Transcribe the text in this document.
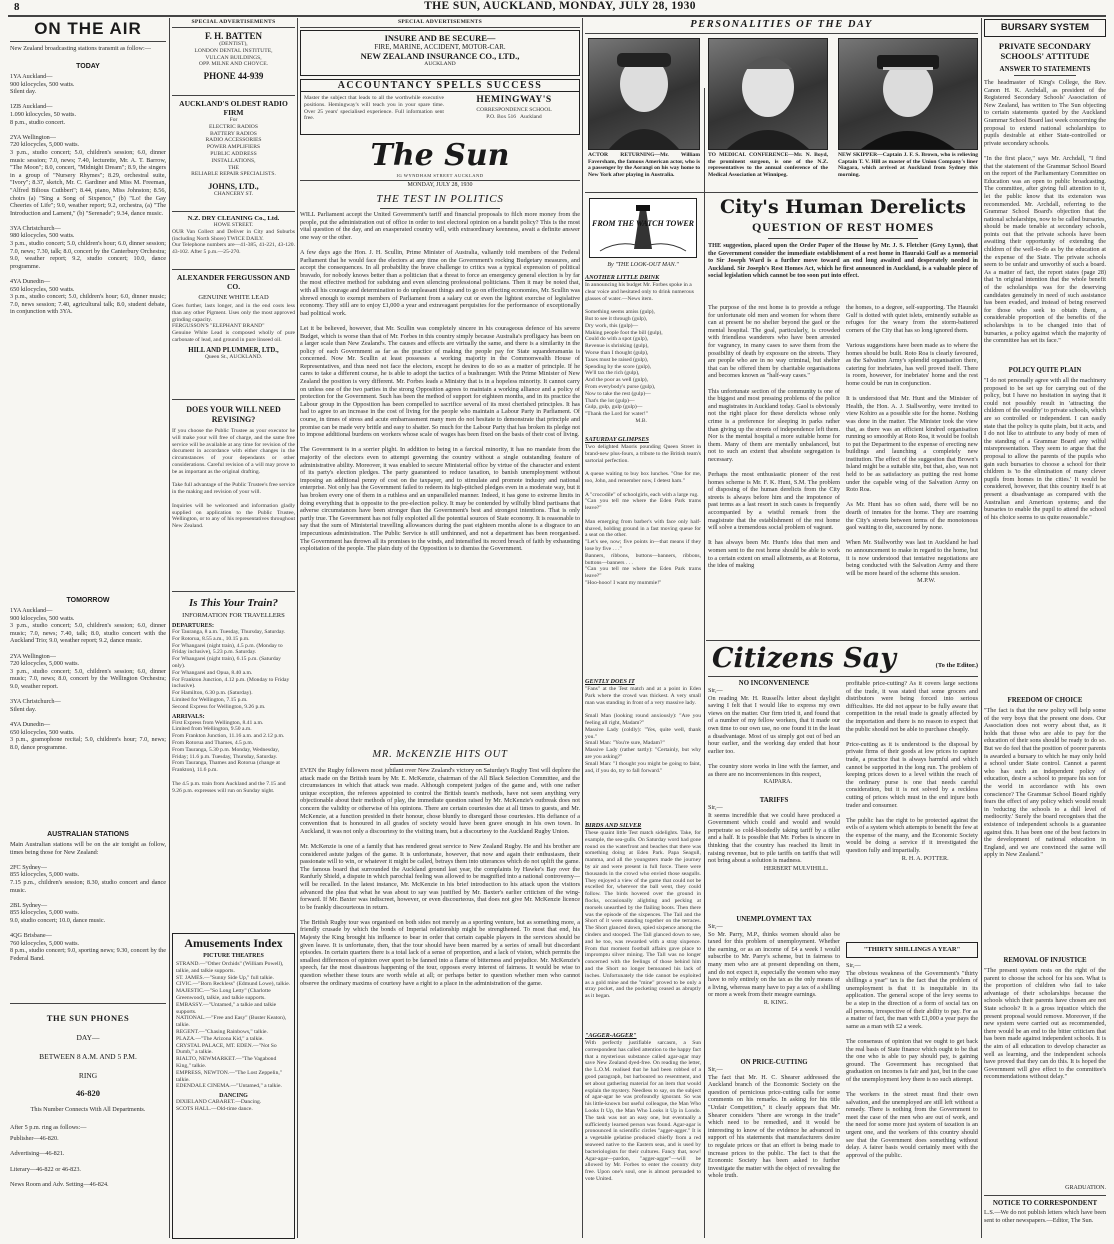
8	THE SUN, AUCKLAND, MONDAY, JULY 28, 1930
ON THE AIR
New Zealand broadcasting stations transmit as follow:—
TODAY
1YA Auckland—
900 kilocycles, 500 watts.
Silent day.

1ZB Auckland—
1.090 kilocycles, 50 watts.
8 p.m., studio concert.

2YA Wellington—
720 kilocycles, 5,000 watts.
3 p.m., studio concert; 5.0, children's session; 6.0, dinner music session; 7.0, news; 7.40, lecturette, Mr. A. T. Barrow, "The Moon"; 8.0, concert, "Midnight Dream"; 8.9, the singers in a group of "Nursery Rhymes"; 8.29, orchestral suite, "Ivory"; 8.37, sketch, Mr. C. Gardiner and Miss M. Freeman, "Alfred Bilious Cuthbert"; 8.44, piano, Miss Johnston; 8.56, choirs (a) "Sing a Song of Sixpence," (b) "Lo! the Gay Cheeries of Life"; 9.0, weather report; 9.2, orchestra, (a) "The Introduction and Lament," (b) "Serenade"; 9.34, dance music.

3YA Christchurch—
980 kilocycles, 500 watts.
3 p.m., studio concert; 5.0, children's hour; 6.0, dinner session; 7.0, news; 7.30, talk; 8.0, concert by the Canterbury Orchestra; 9.0, weather report; 9.2, studio concert; 10.0, dance programme.

4YA Dunedin—
650 kilocycles, 500 watts.
3 p.m., studio concert; 5.0, children's hour; 6.0, dinner music; 7.0, news session; 7.40, agricultural talk; 8.0, student debate, in conjunction with 3YA.
TOMORROW
1YA Auckland—
900 kilocycles, 500 watts.
3 p.m., studio concert; 5.0, children's session; 6.0, dinner music; 7.0, news; 7.40, talk; 8.0, studio concert with the Auckland Trio; 9.0, weather report; 9.2, dance music.

2YA Wellington—
720 kilocycles, 5,000 watts.
3 p.m., studio concert; 5.0, children's session; 6.0, dinner music; 7.0, news; 8.0, concert by the Wellington Orchestra; 9.0, weather report.

3YA Christchurch—
Silent day.

4YA Dunedin—
650 kilocycles, 500 watts.
3 p.m., gramophone recital; 5.0, children's hour; 7.0, news; 8.0, dance programme.
AUSTRALIAN STATIONS
Main Australian stations will be on the air tonight as follow, times being those for New Zealand:

2FC Sydney—
855 kilocycles, 5,000 watts.
7.15 p.m., children's session; 8.30, studio concert and dance music.

2BL Sydney—
855 kilocycles, 5,000 watts.
9.0, studio concert; 10.0, dance music.

4QG Brisbane—
760 kilocycles, 5,000 watts.
8 p.m., studio concert; 9.0, sporting news; 9.30, concert by the Federal Band.
THE SUN PHONES
DAY—
BETWEEN 8 A.M. AND 5 P.M.
RING
46-820
This Number Connects With All Departments.
After 5 p.m. ring as follows:—
Publisher—46-820.

Advertising—46-821.

Literary—46-822 or 46-823.

News Room and Adv. Setting—46-824.
SPECIAL ADVERTISEMENTS
F. H. BATTEN
(DENTIST),
LONDON DENTAL INSTITUTE,
VULCAN BUILDINGS,
OPP. MILNE AND CHOYCE.
PHONE 44-939
AUCKLAND'S OLDEST RADIO FIRM
For
ELECTRIC RADIOS
BATTERY RADIOS
RADIO ACCESSORIES
POWER AMPLIFIERS
PUBLIC ADDRESS
INSTALLATIONS,
THE
RELIABLE REPAIR SPECIALISTS.
JOHNS, LTD.,
CHANCERY ST.
N.Z. DRY CLEANING Co., Ltd.
HOWE STREET.
OUR Van Collect and Deliver in City and Suburbs (including North Shore) TWICE DAILY.
Our Telephone numbers are—41-385, 41-221, 43-120. 43-102. After 5 p.m.—25-270.
ALEXANDER FERGUSSON AND CO.
GENUINE WHITE LEAD
Goes further, lasts longer, and in the end costs less than any other Pigment. Uses only the most approved grinding capacity.
FERGUSSON'S "ELEPHANT BRAND"
Genuine White Lead is composed wholly of pure carbonate of lead, and ground in pure linseed oil.
HILL AND PLUMMER, LTD.,
Queen St., AUCKLAND.
DOES YOUR WILL NEED REVISING?
If you choose the Public Trustee as your executor he will make your will free of charge, and the same free service will be available at any time for revision of the document in accordance with either changes in the circumstances of your dependants or other considerations. Careful revision of a will may prove to be as important as the original drafting.

Take full advantage of the Public Trustee's free service in the making and revision of your will.

Inquiries will be welcomed and information gladly supplied on application to the Public Trustee, Wellington, or to any of his representatives throughout New Zealand.
Is This Your Train?
INFORMATION FOR TRAVELLERS
DEPARTURES:
For Tauranga, 8 a.m. Tuesday, Thursday, Saturday.
For Rotorua, 8.55 a.m., 10.15 p.m.
For Whangarei (night train), 4.5 p.m. (Monday to Friday inclusive), 5.23 p.m. Saturday.
For Whangarei (night train), 6.15 p.m. (Saturday only).
For Whangarei and Opua, 8.40 a.m.
For Frankton Junction, 4.12 p.m. (Monday to Friday inclusive).
For Hamilton, 6.30 p.m. (Saturday).
Limited for Wellington, 7.15 p.m.
Second Express for Wellington, 9.26 p.m.
ARRIVALS:
First Express from Wellington, 8.41 a.m.
Limited from Wellington, 9.50 a.m.
From Frankton Junction, 11.16 a.m. and 2.12 p.m.
From Rotorua and Thames, 4.5 p.m.
From Tauranga, 5.30 p.m. Monday, Wednesday, Friday; 11.6 p.m. Tuesday, Thursday, Saturday.
From Tauranga, Thames and Rotorua (change at Frankton), 11.6 p.m.

The 4.5 p.m. train from Auckland and the 7.15 and 9.26 p.m. expresses will run on Sunday night.
Amusements Index
PICTURE THEATRES
STRAND.—"Other Orchids" (William Powell), talkie, and talkie supports.
ST. JAMES.—"Sunny Side Up," full talkie.
CIVIC.—"Born Reckless" (Edmund Lowe), talkie.
MAJESTIC.—"So Long Letty" (Charlotte Greenwood), talkie, and talkie supports.
EMBASSY.—"Untamed," a talkie and talkie supports.
NATIONAL.—"Free and Easy" (Buster Keaton), talkie.
REGENT.—"Chasing Rainbows," talkie.
PLAZA.—"The Arizona Kid," a talkie.
CRYSTAL PALACE, MT. EDEN.—"Not So Dumb," a talkie.
RIALTO, NEWMARKET.—"The Vagabond King," talkie.
EMPRESS, NEWTON.—"The Lost Zeppelin," talkie.
EDENDALE CINEMA.—"Untamed," a talkie.
DANCING
DIXIELAND CABARET.—Dancing.
SCOTS HALL.—Old-time dance.
SPECIAL ADVERTISEMENTS
INSURE AND BE SECURE—
FIRE, MARINE, ACCIDENT, MOTOR-CAR.
NEW ZEALAND INSURANCE CO., LTD.,
AUCKLAND
ACCOUNTANCY SPELLS SUCCESS
Master the subject that leads to all the worthwhile executive positions. Hemingway's will teach you in your spare time. Over 25 years' specialised experience. Full information sent free.
HEMINGWAY'S
CORRESPONDENCE SCHOOL
P.O. Box 516   Auckland
The Sun
IG WYNDHAM STREET AUCKLAND
MONDAY, JULY 28, 1930
THE TEST IN POLITICS
WILL Parliament accept the United Government's tariff and financial proposals to filch more money from the people, put the administration out of office in order to test electoral opinion on a bandit policy? This is the most vital question of the day, and an exasperated country will, with extraordinary keenness, await a definite answer one way or the other.

A few days ago the Hon. J. H. Scullin, Prime Minister of Australia, valiantly told members of the Federal Parliament that he would face the electors at any time on the Government's rocking Budgetary measures, and accept the consequences. In all probability the brave challenge to critics was a typical expression of political bravado, for nobody knows better than a politician that a threat to force an emergency general election is by far the most effective method for subduing and even silencing professional politicians. Then it may be noted that, with all his courage and determination to do unpleasant things and to go on effecting economies, Mr. Scullin was shrewd enough to exempt members of Parliament from a salary cut or even the lightest exercise of legislative economy. They still are to enjoy £1,000 a year and extravagant perquisites for the performance of exceptionally bad political work.

Let it be believed, however, that Mr. Scullin was completely sincere in his courageous defence of his severe Budget, which is worse than that of Mr. Forbes in this country simply because Australia's profligacy has been on a larger scale than New Zealand's. The causes and effects are virtually the same, and there is a similarity in the policy of each Government as far as the practice of making the people pay for State squanderamania is concerned. Now Mr. Scullin at least possesses a working majority in the Commonwealth House of Representatives, and thus need not face the electors, except he desires to do so as a matter of principle. If he cares to take a different course, he is able to adopt the tactics of a bushranger. With the Prime Minister of New Zealand the position is very different. Mr. Forbes leads a Ministry that is in a hopeless minority. It cannot carry on unless one of the two parties in the strong Opposition agrees to maintain a working alliance and a policy of protection for the Government. Such has been the method of support for eighteen months, and in its practice the Labour group in the Opposition has been compelled to sacrifice several of its most cherished principles. It has had to agree to an increase in the cost of living for the people who maintain a Labour Party in Parliament. Of course, in times of stress and acute embarrassment many men do not hesitate to demonstrate that principle and promise can be made very brittle and easy to shatter. So much for the Labour Party that has broken its pledge not to impose additional burdens on workers whose scale of wages has been fixed on the basis of their cost of living.

The Government is in a sorrier plight. In addition to being in a farcical minority, it has no mandate from the majority of the electors even to attempt governing the country without a single outstanding feature of administrative ability. Moreover, it was enabled to secure Ministerial office by virtue of the character and extent of its party's election pledges. The party guaranteed to reduce taxation, to banish unemployment without imposing an additional penny of cost on the taxpayer, and to stimulate and promote industry and national enterprise. Not only has the Government failed to redeem its high-pitched pledges even in a moderate way, but it has broken every one of them in a ruthless and an unparalleled manner. Indeed, it has gone to extreme limits in doing everything that is opposite to the pre-election policy. It may be contended by wilfully blind partisans that adverse circumstances have been stronger than the Government's best and strongest intentions. That is only partly true. The Government has not fully exploited all the potential sources of State economy. It is reasonable to say that the sum of Ministerial travelling allowances during the past eighteen months alone is a disgrace to an impecunious administration. The Public Service is still unthinned, and not a department has been reorganised. The Government has thrown all its promises to the winds, and intensified its record breach of faith by exhausting exploitation of the people. The plain duty of the Opposition is to dismiss the Government.
MR. McKENZIE HITS OUT
EVEN the Rugby followers most jubilant over New Zealand's victory on Saturday's Rugby Test will deplore the attack made on the British team by Mr. E. McKenzie, chairman of the All Black Selection Committee, and the circumstances in which that attack was made. Although competent judges of the game and, with one rather unique exception, the referees appointed to control the British team's methods, have not seen anything very objectionable about their methods of play, the immediate question raised by Mr. McKenzie's outbreak does not concern the validity or otherwise of his opinions. There are certain courtesies due at all times to guests, and Mr. McKenzie, at a function presided in their honour, chose bluntly to disregard those courtesies. His defiance of a convention that is honoured in all grades of society would have been grave enough in his own town. In Auckland, it was not only a discourtesy to the visiting team, but a discourtesy to the Auckland Rugby Union.

Mr. McKenzie is one of a family that has rendered great service to New Zealand Rugby. He and his brother are considered astute judges of the game. It is unfortunate, however, that now and again their enthusiasm, their passionate will to win, or whatever it might be called, betrays them into utterances which do not uplift the game. The famous board that surrounded the Auckland ground last year, the complaints by Hawke's Bay over the Ranfurly Shield, a dispute in which parochial feeling was allowed to be magnified into a national controversy—will be recalled. In the latest instance, Mr. McKenzie in his brief introduction to his attack upon the visitors advanced the plea that what he was about to say was justified by Mr. Baxter's earlier criticism of the wing-forward. If Mr. Baxter was indiscreet, however, or even discourteous, that does not give Mr. McKenzie licence to be frankly discourteous in return.

The British Rugby tour was organised on both sides not merely as a sporting venture, but as something more, a friendly crusade by which the bonds of Imperial relationship might be strengthened. To most that end, his Majesty the King brought his influence to bear in order that certain capable players in the services should be given leave. It is unfortunate, then, that the tour should have been marred by a series of small but discordant episodes. In certain quarters there is a total lack of a sense of proportion, and a lack of vision, which permits the smallest differences of opinion over sport to be fanned into a flame of bitterness and prejudice. Mr. McKenzie's speech, far the most disastrous happening of the tour, opposes every interest of fairness. It would be wise to question whether these tours are worth while at all; or perhaps better to question whether men who cannot observe the ordinary maxims of courtesy have a right to a place in the administration of the game.
PERSONALITIES OF THE DAY
ACTOR RETURNING—Mr. William Faversham, the famous American actor, who is a passenger by the Aorangi on his way home to New York after playing in Australia.
TO MEDICAL CONFERENCE—Mr. N. Boyd, the prominent surgeon, is one of the N.Z. representatives to the annual conference of the Medical Association at Winnipeg.
NEW SKIPPER—Captain J. F. S. Brown, who is relieving Captain T. V. Hill as master of the Union Company's liner Niagara, which arrived at Auckland from Sydney this morning.
FROM THE WATCH TOWER
By "THE LOOK-OUT MAN."
ANOTHER LITTLE DRINK
In announcing his budget Mr. Forbes spoke in a clear voice and hesitated only to drink numerous glasses of water.—News item.

Something seems amiss (gulp),
But to see it through (gulp),
Dry work, this (gulp)—
Making people foot the bill (gulp),
Could do with a spot (gulp),
Revenue is shrinking (gulp),
Worse than I thought (gulp),
Taxes must be raised (gulp),
Spending by the score (gulp),
We'll tax the rich (gulp),
And the poor as well (gulp),
From everybody's purse (gulp),
Now to take the rest (gulp)—
That's the lot (gulp)—
Gulp, gulp, gulp (gulp)—
"Thank the Lord for water!"
M.B.
SATURDAY GLIMPSES
Two delighted Maoris pounding Queen Street in brand-new plus-fours, a tribute to the British team's sartorial perfection.

A queue waiting to buy box lunches. "One for me, too, John, and remember now, I detest ham."

A "crocodile" of schoolgirls, each with a large rug.
"Can you tell me where the Eden Park trams leave?"

Man emerging from barber's with face only half-shaved, holding ground in a fast moving queue for a seat on the other.
"Let's see, now; five points in—that means if they lose by five . . ."
Banners, ribbons, buttons—banners, ribbons, buttons—banners . . .
"Can you tell me where the Eden Park trams leave?"
"Hoo-hooo! I want my mummie!"
GENTLY DOES IT
"Fans" at the Test match and at a point in Eden Park where the crowd was thickest. A very small man was standing in front of a very massive lady.

Small Man (looking round anxiously): "Are you feeling all right, Madam?"
Massive Lady (coldly): "Yes, quite well, thank you."
Small Man: "You're sure, Madam?"
Massive Lady (rather tartly): "Certainly, but why are you asking?"
Small Man: "I thought you might be going to faint, and, if you do, try to fall forward."
BIRDS AND SILVER
These quaint little Test match sidelights. Take, for example, the sea-gulls. On Saturday word had gone round on the waterfront and beaches that there was something doing at Eden Park. Papa Seagull, mamma, and all the youngsters made the journey by air and were present in full force. There were thousands in the crowd who envied those seagulls. They enjoyed a view of the game that could not be excelled for, wherever the ball went, they could follow. The birds hovered over the ground in flocks, occasionally alighting and pecking at morsels unearthed by the flailing boots. Then there was the episode of the sixpences. The Tail and the Short of it were standing together on the terraces. The Short glanced down, spied sixpence among the cinders and stooped. The Tall glanced down to see, and he too, was rewarded with a stray sixpence. From that moment football affairs gave place to impromptu silver mining. The Tall was no longer concerned with the feelings of those behind him and the Short no longer bemoaned his lack of inches. Unfortunately the tide cannot be exploited as a gold mine and the "mine" proved to be only a stray pocket, and the pocketing ceased as abruptly as it began.
"AGGER-AGGER"
With perfectly justifiable sarcasm, a Sun correspondent has called attention to the happy fact that a mysterious substance called agar-agar may save New Zealand dyed-free. On reading the letter, the L.O.M. realised that he had been robbed of a good paragraph, but harboured no resentment, and set about gathering material for an item that would explain the mystery. Needless to say, on the subject of agar-agar he was profoundly ignorant. So was his little-known but useful colleague, the Man Who Looks It Up, the Man Who Looks it Up in Londo. The task was not an easy one, but eventually a sufficiently learned person was found. Agar-agar is pronounced in scientific circles "agger-agger." It is a vegetable gelatine produced chiefly from a red seaweed native to the Eastern seas, and is used by bacteriologists for their cultures. Fancy that, now! Agar-agar—pardon, "agger-agger"—will be allowed by Mr. Forbes to enter the country duty free. Upon one's soul, one is almost persuaded to vote United.
City's Human Derelicts
QUESTION OF REST HOMES
THE suggestion, placed upon the Order Paper of the House by Mr. J. S. Fletcher (Grey Lynn), that the Government consider the immediate establishment of a rest home in Hauraki Gulf as a memorial to Sir Joseph Ward is a further move toward an end long awaited and desperately needed in Auckland. Sir Joseph's Rest Homes Act, which he first announced in Auckland, is a valuable piece of social legislation which cannot be too soon put into effect.
The purpose of the rest home is to provide a refuge for unfortunate old men and women for whom there can at present be no shelter beyond the gaol or the mental hospital. The goal, particularly, is crowded with friendless wanderers who have been arrested for vagrancy, in many cases to save them from the possibility of death by exposure on the streets. They are people who are in no way criminal, but shelter that can be offered them by charitable organisations and becomes known as "half-way cases."

This unfortunate section of the community is one of the biggest and most pressing problems of the police and magistrates in Auckland today. Gaol is obviously not the right place for these derelicts whose only crime is a preference for sleeping in parks rather than giving up the streets of independence left them. Nor is the mental hospital a more suitable home for them. Many of them are mentally unbalanced, but not to such an extent that absolute segregation is necessary.

Perhaps the most enthusiastic pioneer of the rest homes scheme is Mr. F. K. Hunt, S.M. The problem of disposing of the human derelicts from the City streets is always before him and the impotence of past terms as a last resort in such cases is frequently accompanied by a wistful remark from the magistrate that the establishment of the rest home will solve a tremendous social problem of vagrant.

It has always been Mr. Hunt's idea that men and women sent to the rest home should be able to work to a certain extent on small allotments, as at Rotorua, the idea of making
the homes, to a degree, self-supporting. The Hauraki Gulf is dotted with quiet islets, eminently suitable as refuges for the weary from the storm-battered corners of the City that has so long ignored them.

Various suggestions have been made as to where the homes should be built. Roto Roa is clearly favoured, as the Salvation Army's splendid organisation there, catering for inebriates, has well proved itself. There is room, however, for inebriates' home and the rest home could be run in conjunction.

It is understood that Mr. Hunt and the Minister of Health, the Hon. A. J. Stallworthy, were invited to view Kohiro as a possible site for the home. Nothing was done in the matter. The Minister took the view that, as there was an efficient kindred organisation running so smoothly at Roto Roa, it would be foolish to put the Department to the expense of erecting new buildings and launching a completely new institution. The effect of the suggestion that Brown's Island might be a suitable site, but that, also, was not held to be as satisfactory as putting the rest home under the capable wing of the Salvation Army on Roto Roa.

As Mr. Hunt has so often said, there will be no dearth of inmates for the home. They are roaming the City's streets between terms of the monotonous gaol waiting to die, succoured by none.

When Mr. Stallworthy was last in Auckland he had no announcement to make in regard to the home, but it is now understood that tentative negotiations are being conducted with the Salvation Army and there will be more heard of the scheme this session.
M.P.W.
Citizens Say	(To the Editor.)
NO INCONVENIENCE
Sir,—
On reading Mr. H. Russell's letter about daylight saving I felt that I would like to express my own views on the matter. Our firm tried it, and found that of a number of my fellow workers, that it made our own time to our own use, no one found it in the least a disadvantage. Most of us simply got out of bed an hour earlier, and the working day ended that hour earlier too.

The country store works in line with the farmer, and as there are no inconveniences in this respect,
KAIPARA.
TARIFFS
Sir,—
It seems incredible that we could have produced a Government which could and would and would perpetrate so cold-bloodedly taking tariff by a tiller and a half. It is possible that Mr. Forbes is sincere in thinking that the country has reached its limit in raising revenue, but to pile tariffs on tariffs that will not bring about a solution is madness.
HERBERT MULVIHILL.
UNEMPLOYMENT TAX
Sir,—
So Mr. Parry, M.P., thinks women should also be taxed for this problem of unemployment. Whether the earning, or as an income of £4 a week I would subscribe to Mr. Parry's scheme, but in fairness to many men who are at present depending on them, and do not expect it, especially the women who may have to rely entirely on the tax as the only means of a living, whereas many have to pay a tax of a shilling or more a week from their meagre earnings.
R. KING.
ON PRICE-CUTTING
Sir,—
The fact that Mr. H. C. Shearer addressed the Auckland branch of the Economic Society on the question of pernicious price-cutting calls for some comments on his remarks. In asking for his title "Unfair Competition," it clearly appears that Mr. Shearer considers "there are wrongs in the trade" which need to be remedied, and it would be interesting to know of the evidence he advanced in support of his statements that manufacturers desire to regulate prices or that an effort is being made to increase prices to the public. The fact is that the Economic Society has been asked to further investigate the matter with the object of revealing the whole truth.
profitable price-cutting? As it covers large sections of the trade, it was stated that some grocers and distributors were being forced into serious difficulties. He did not appear to be fully aware that competition in the retail trade is greatly affected by the importation and there is no reason to expect that the public should not be able to purchase cheaply.

Price-cutting as it is understood is the disposal by private firms of their goods at low prices to capture trade, a practice that is always harmful and which cannot be supported in the long run. The problem of keeping prices down to a level within the reach of the ordinary purse is one that needs careful consideration, but it is not solved by a reckless cutting of prices which must in the end injure both trader and consumer.

The public has the right to be protected against the evils of a system which attempts to benefit the few at the expense of the many, and the Economic Society would be doing a service if it investigated the question fully and impartially.
R. H. A. POTTER.
"THIRTY SHILLINGS A YEAR"
Sir,—
The obvious weakness of the Government's "thirty shillings a year" tax is the fact that the problem of unemployment is that it is inequitable in its application. The general scope of the levy seems to be a step in the direction of a form of social tax on all persons, irrespective of their ability to pay. For as a matter of fact, the man with £1,000 a year pays the same as a man with £2 a week.

The consensus of opinion that we ought to get back the real basis of State finance which ought to be that the one who is able to pay should pay, is gaining ground. The Government has recognised that graduation on incomes is fair and just, but in the case of the unemployment levy there is no such attempt.

The workers in the street must find their own salvation, and the unemployed are still left without a remedy. There is nothing from the Government to meet the case of the men who are out of work, and the need for some more just system of taxation is an urgent one, and the workers of this country should see that the Government does something without delay. A fairer basis would certainly meet with the approval of the public.
BURSARY SYSTEM
PRIVATE SECONDARY SCHOOLS' ATTITUDE
ANSWER TO STATEMENTS
The headmaster of King's College, the Rev. Canon H. K. Archdall, as president of the Registered Secondary Schools' Association of New Zealand, has written to The Sun objecting to certain statements quoted by the Auckland Grammar School Board last week concerning the proposal to extend national scholarships to pupils desirable at either State-controlled or private secondary schools.

"In the first place," says Mr. Archdall, "I find that the statement of the Grammar School Board on the report of the Parliamentary Committee on Education was an open to public broadcasting. The committee, after giving full attention to it, let the public know that its extension was recommended. Mr. Archdall, referring to the Grammar School Board's objection that the national scholarships, now to be called bursaries, should be made tenable at secondary schools, points out that the private schools have been awaiting their opportunity of extending the children of the well-to-do as by the education at the expense of the State. The private schools seem to be unfair and unworthy of such a board. As a matter of fact, the report states (page 28) that 'in original intention that the whole benefit of the scholarships was for the deserving candidates genuinely in need of such assistance has been evaded, and instead of being reserved for those who seek to obtain them, a considerable proportion of the benefits of the scholarships is to be changed into that of bursaries, a policy against which the majority of the committee has set its face."
POLICY QUITE PLAIN
"I do not personally agree with all the machinery proposed to be set up for carrying out of the policy, but I have no hesitation in saying that it could not possibly result in 'attracting the children of the wealthy' to private schools, which are so controlled or independent. I can easily state that the policy is quite plain, but it acts, and I do not like to attribute to any body of men of the standing of a Grammar Board any wilful misrepresentation. They seem to argue that the proposal to allow the parents of the pupils who gain such bursaries to choose a school for their children is 'to the elimination of many clever pupils from homes in the cities.' It would be considered, however, that this country itself is at present a disadvantage as compared with the Australian and American systems; and the bursaries to enable the pupil to attend the school of his choice seems to us quite reasonable."
FREEDOM OF CHOICE
"The fact is that the new policy will help some of the very boys that the present one does. Our Association does not worry about that, as it holds that those who are able to pay for the education of their sons should be ready to do so. But we do feel that the position of poorer parents is awarded a bursary to which he may only hold a school under State control. Cannot a parent who has such an independent policy of education, desire a school to prepare his son for the world in accordance with his own conscience? The Grammar School Board rightly fears the effect of any policy which would result in 'reducing the schools to a dull level of mediocrity.' Surely the board recognises that the existence of independent schools is a guarantee against this. It has been one of the best factors in the development of national education in England, and we are convinced the same will apply in New Zealand."
REMOVAL OF INJUSTICE
"The present system rests on the right of the parent to choose the school for his son. What is the proportion of children who fail to take advantage of their scholarships because the schools which their parents have chosen are not State schools? It is a gross injustice which the present proposal would remove. Moreover, if the new system were carried out as recommended, there would be an end to the bitter criticism that has been made against independent schools. It is the aim of all education to develop character as well as learning, and the independent schools have proved that they can do this. It is hoped the Government will give effect to the committee's recommendations without delay."
GRADUATION.
NOTICE TO CORRESPONDENT
L.S.—We do not publish letters which have been sent to other newspapers.—Editor, The Sun.
